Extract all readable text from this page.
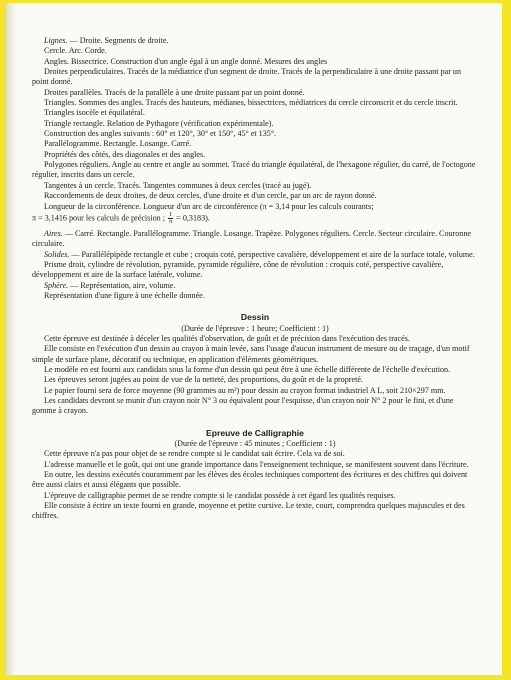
Lignes. — Droite. Segments de droite.

Cercle. Arc. Corde.

Angles. Bissectrice. Construction d'un angle égal à un angle donné. Mesures des angles

Droites perpendiculaires. Tracés de la médiatrice d'un segment de droite. Tracés de la perpendiculaire à une droite passant par un point donné.

Droites parallèles. Tracés de la parallèle à une droite passant par un point donné.

Triangles. Sommes des angles. Tracés des hauteurs, médianes, bissectrices, médiatrices du cercle circonscrit et du cercle inscrit.

Triangles isocèle et équilatéral.

Triangle rectangle. Relation de Pythagore (vérification expérimentale).

Construction des angles suivants : 60° et 120°, 30° et 150°, 45° et 135°.

Parallélogramme. Rectangle. Losange. Carré.

Propriétés des côtés, des diagonales et des angles.

Polygones réguliers. Angle au centre et angle au sommet. Tracé du triangle équilatéral, de l'hexagone régulier, du carré, de l'octogone régulier, inscrits dans un cercle.

Tangentes à un cercle. Tracés. Tangentes communes à deux cercles (tracé au jugé).

Raccordements de deux droites, de deux cercles, d'une droite et d'un cercle, par un arc de rayon donné.

Longueur de la circonférence. Longueur d'un arc de circonférence (π = 3,14 pour les calculs courants;

π = 3,1416 pour les calculs de précision ; $\frac{1}{\pi} = 0,3183$).

Aires. — Carré. Rectangle. Parallélogramme. Triangle. Losange. Trapèze. Polygones réguliers. Cercle. Secteur circulaire. Couronne circulaire.

Solides. — Parallélépipède rectangle et cube ; croquis coté, perspective cavalière, développement et aire de la surface totale, volume.

Prisme droit, cylindre de révolution, pyramide, pyramide régulière, cône de révolution : croquis coté, perspective cavalière, développement et aire de la surface latérale, volume.

Sphère. — Représentation, aire, volume.

Représentation d'une figure à une échelle donnée.

Dessin

(Durée de l'épreuve : 1 heure; Coefficient : 1)

Cette épreuve est destinée à déceler les qualités d'observation, de goût et de précision dans l'exécution des tracés.

Elle consiste en l'exécution d'un dessin au crayon à main levée, sans l'usage d'aucun instrument de mesure ou de traçage, d'un motif simple de surface plane, décoratif ou technique, en application d'éléments géométriques.

Le modèle en est fourni aux candidats sous la forme d'un dessin qui peut être à une échelle différente de l'échelle d'exécution.

Les épreuves seront jugées au point de vue de la netteté, des proportions, du goût et de la propreté.

Le papier fourni sera de force moyenne (90 grammes au m²) pour dessin au crayon format industriel A L, soit 210×297 mm.

Les candidats devront se munir d'un crayon noir N° 3 ou équivalent pour l'esquisse, d'un crayon noir N° 2 pour le fini, et d'une gomme à crayon.

Epreuve de Calligraphie

(Durée de l'épreuve : 45 minutes ; Coefficient : 1)

Cette épreuve n'a pas pour objet de se rendre compte si le candidat sait écrire. Cela va de soi.

L'adresse manuelle et le goût, qui ont une grande importance dans l'enseignement technique, se manifestent souvent dans l'écriture.

En outre, les dessins exécutés couramment par les élèves des écoles techniques comportent des écritures et des chiffres qui doivent être aussi clairs et aussi élégants que possible.

L'épreuve de calligraphie permet de se rendre compte si le candidat possède à cet égard les qualités requises.

Elle consiste à écrire un texte fourni en grande, moyenne et petite cursive. Le texte, court, comprendra quelques majuscules et des chiffres.
